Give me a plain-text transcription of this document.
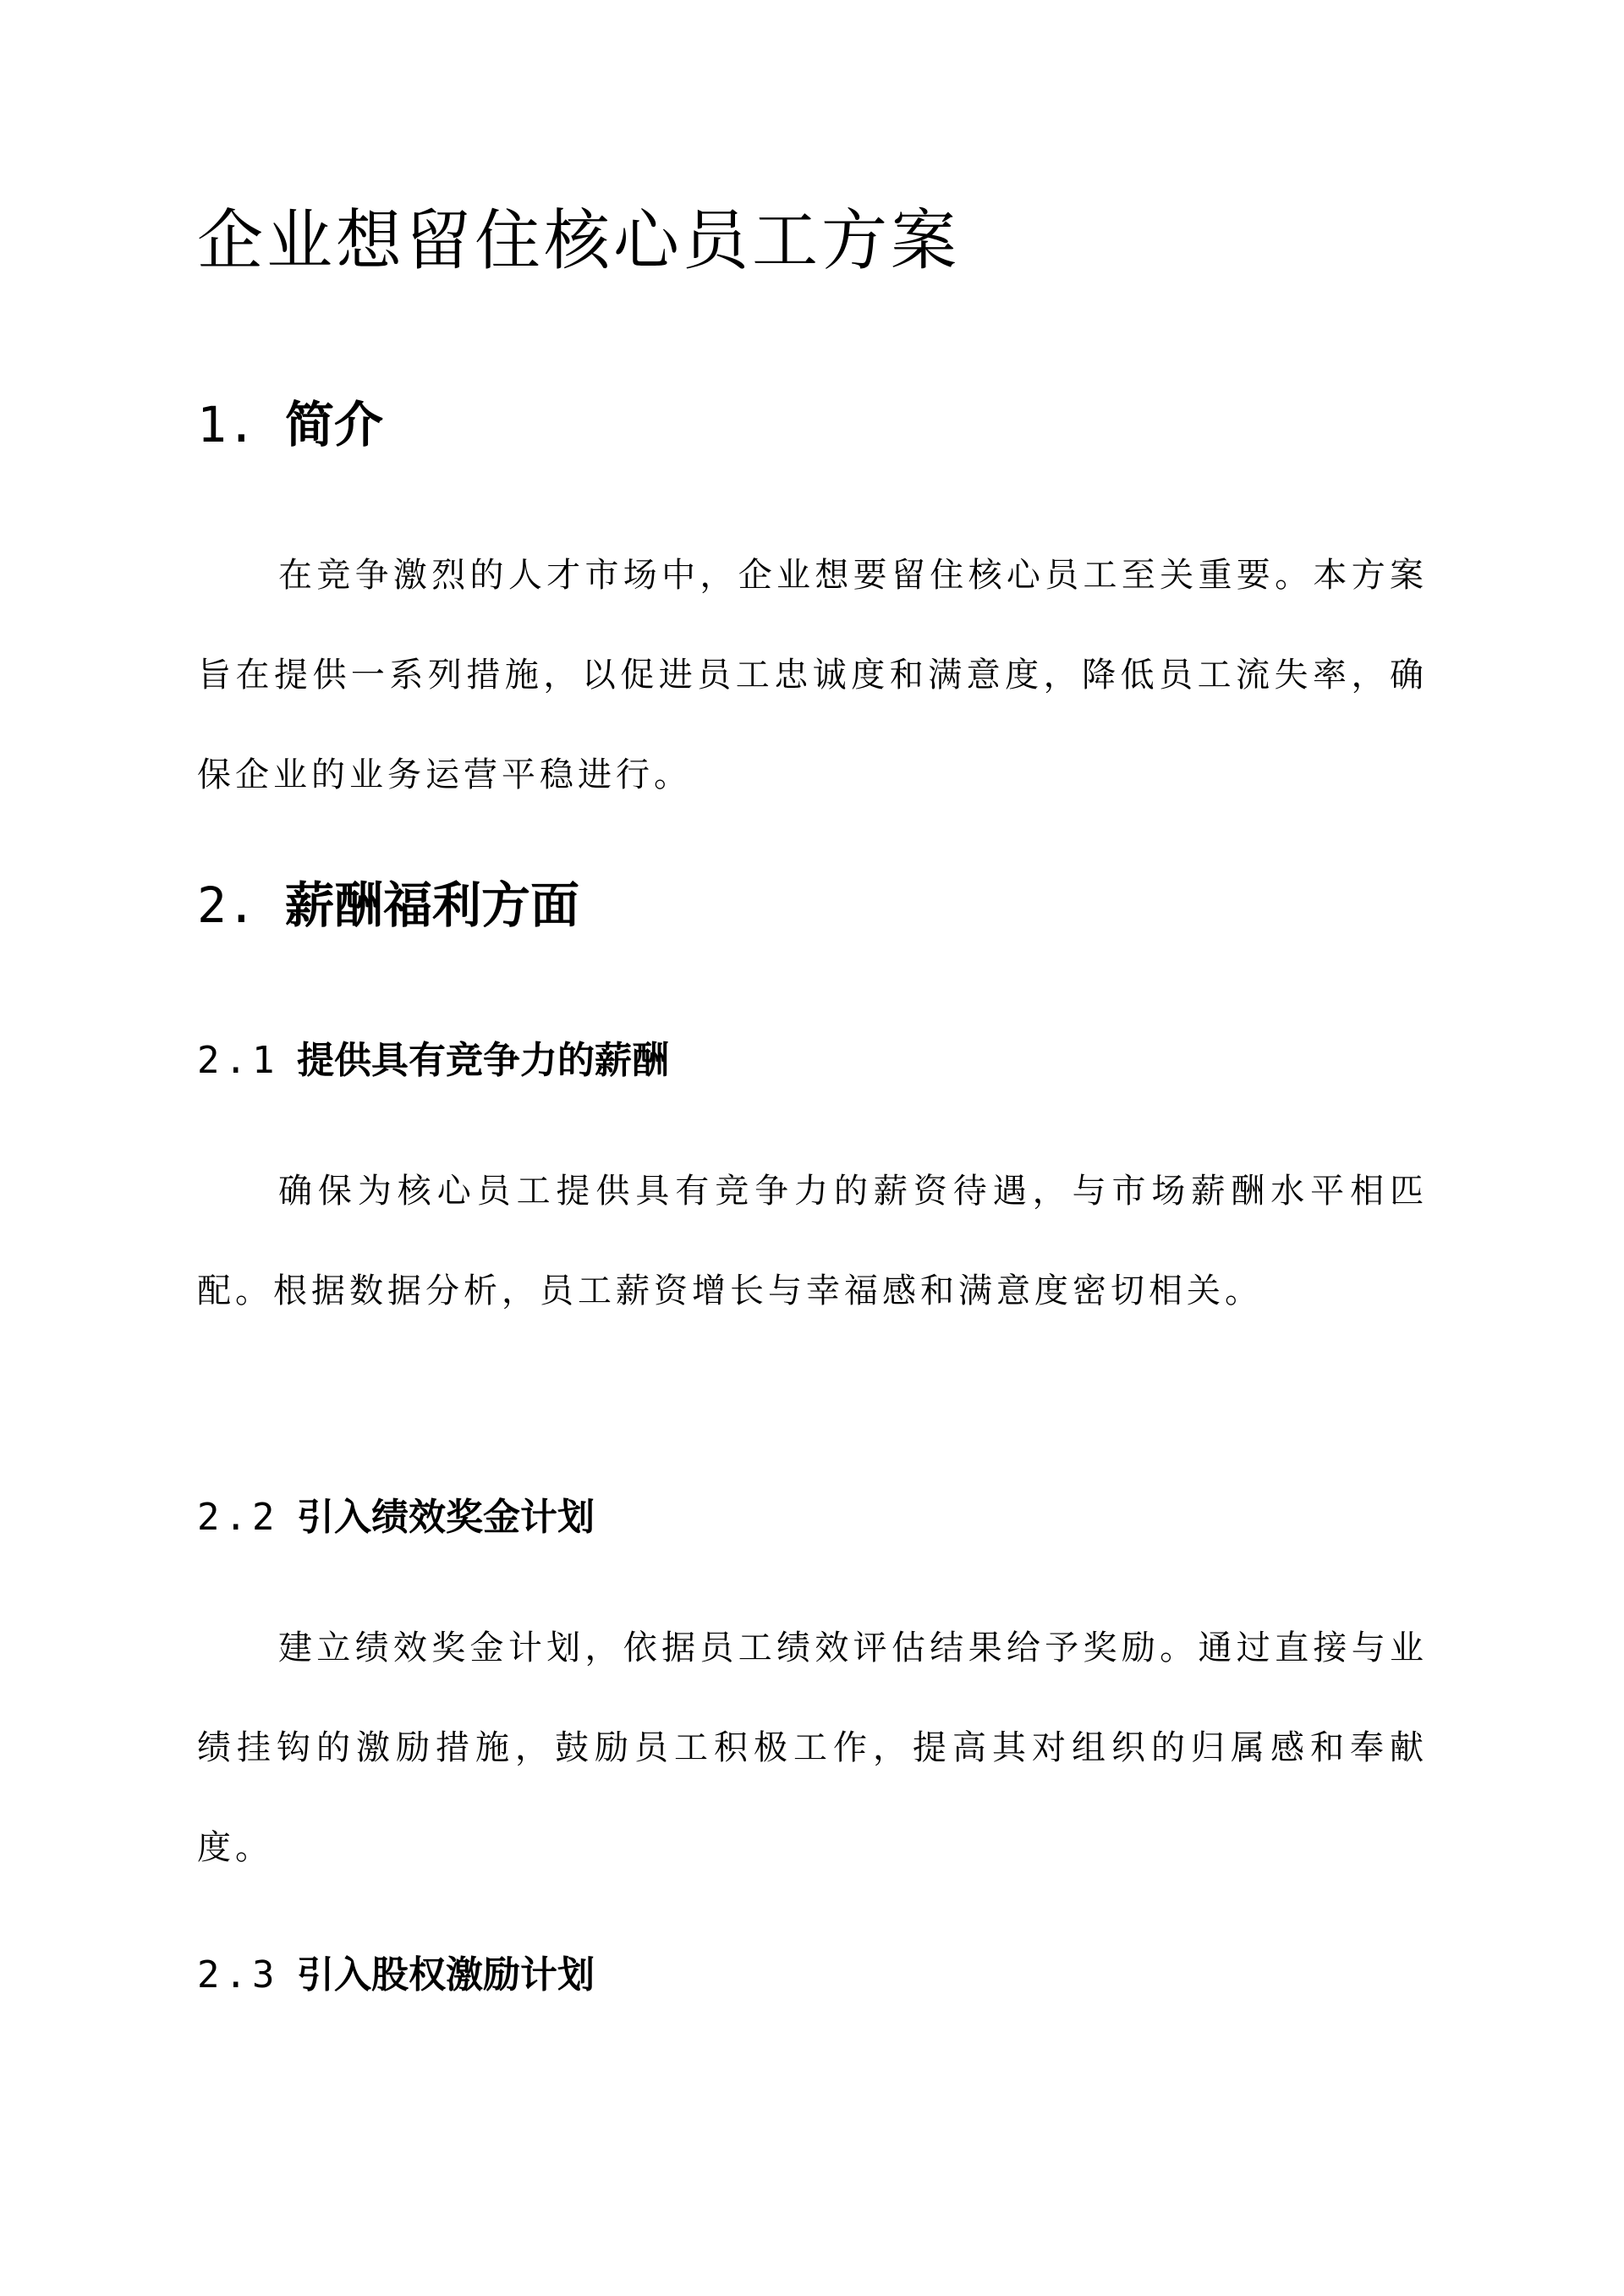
企业想留住核心员工方案
1. 简介
在竞争激烈的人才市场中，企业想要留住核心员工至关重要。本方案旨在提供一系列措施，以促进员工忠诚度和满意度，降低员工流失率，确保企业的业务运营平稳进行。
2. 薪酬福利方面
2.1 提供具有竞争力的薪酬
确保为核心员工提供具有竞争力的薪资待遇，与市场薪酬水平相匹配。根据数据分析，员工薪资增长与幸福感和满意度密切相关。
2.2 引入绩效奖金计划
建立绩效奖金计划，依据员工绩效评估结果给予奖励。通过直接与业绩挂钩的激励措施，鼓励员工积极工作，提高其对组织的归属感和奉献度。
2.3 引入股权激励计划
